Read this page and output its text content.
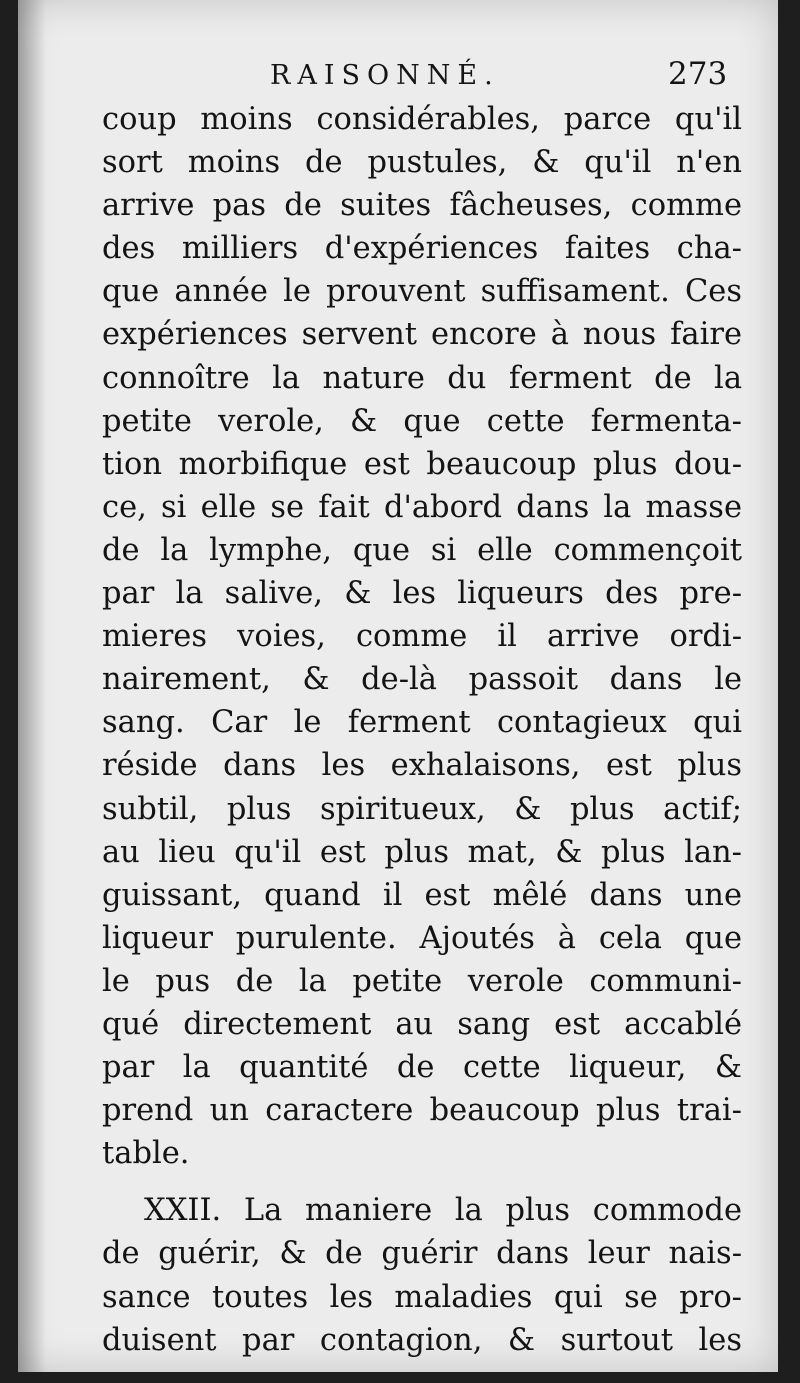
RAISONNÉ.	273
coup moins considérables, parce qu'il
sort moins de pustules, & qu'il n'en
arrive pas de suites fâcheuses, comme
des milliers d'expériences faites cha-
que année le prouvent suffisament. Ces
expériences servent encore à nous faire
connoître la nature du ferment de la
petite verole, & que cette fermenta-
tion morbifique est beaucoup plus dou-
ce, si elle se fait d'abord dans la masse
de la lymphe, que si elle commençoit
par la salive, & les liqueurs des pre-
mieres voies, comme il arrive ordi-
nairement, & de-là passoit dans le
sang. Car le ferment contagieux qui
réside dans les exhalaisons, est plus
subtil, plus spiritueux, & plus actif;
au lieu qu'il est plus mat, & plus lan-
guissant, quand il est mêlé dans une
liqueur purulente. Ajoutés à cela que
le pus de la petite verole communi-
qué directement au sang est accablé
par la quantité de cette liqueur, &
prend un caractere beaucoup plus trai-
table.
XXII. La maniere la plus commode
de guérir, & de guérir dans leur nais-
sance toutes les maladies qui se pro-
duisent par contagion, & surtout les
